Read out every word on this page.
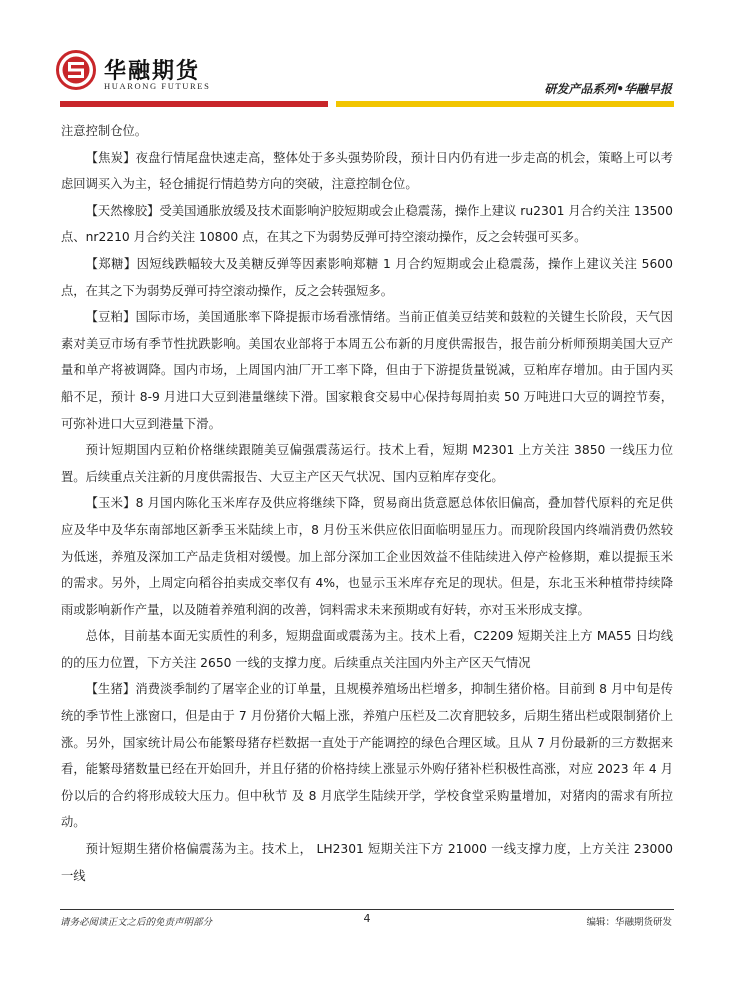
华融期货
HUARONG FUTURES	研发产品系列•华融早报

注意控制仓位。

【焦炭】夜盘行情尾盘快速走高，整体处于多头强势阶段，预计日内仍有进一步走高的机会，策略上可以考虑回调买入为主，轻仓捕捉行情趋势方向的突破，注意控制仓位。

【天然橡胶】受美国通胀放缓及技术面影响沪胶短期或会止稳震荡，操作上建议 ru2301 月合约关注 13500 点、nr2210 月合约关注 10800 点，在其之下为弱势反弹可持空滚动操作，反之会转强可买多。

【郑糖】因短线跌幅较大及美糖反弹等因素影响郑糖 1 月合约短期或会止稳震荡，操作上建议关注 5600 点，在其之下为弱势反弹可持空滚动操作，反之会转强短多。

【豆粕】国际市场，美国通胀率下降提振市场看涨情绪。当前正值美豆结荚和鼓粒的关键生长阶段，天气因素对美豆市场有季节性扰跌影响。美国农业部将于本周五公布新的月度供需报告，报告前分析师预期美国大豆产量和单产将被调降。国内市场，上周国内油厂开工率下降，但由于下游提货量锐减，豆粕库存增加。由于国内买船不足，预计 8-9 月进口大豆到港量继续下滑。国家粮食交易中心保持每周拍卖 50 万吨进口大豆的调控节奏，可弥补进口大豆到港量下滑。

预计短期国内豆粕价格继续跟随美豆偏强震荡运行。技术上看，短期 M2301 上方关注 3850 一线压力位置。后续重点关注新的月度供需报告、大豆主产区天气状况、国内豆粕库存变化。

【玉米】8 月国内陈化玉米库存及供应将继续下降，贸易商出货意愿总体依旧偏高，叠加替代原料的充足供应及华中及华东南部地区新季玉米陆续上市，8 月份玉米供应依旧面临明显压力。而现阶段国内终端消费仍然较为低迷，养殖及深加工产品走货相对缓慢。加上部分深加工企业因效益不佳陆续进入停产检修期，难以提振玉米的需求。另外，上周定向稻谷拍卖成交率仅有 4%，也显示玉米库存充足的现状。但是，东北玉米种植带持续降雨或影响新作产量，以及随着养殖利润的改善，饲料需求未来预期或有好转，亦对玉米形成支撑。

总体，目前基本面无实质性的利多，短期盘面或震荡为主。技术上看，C2209 短期关注上方 MA55 日均线的的压力位置，下方关注 2650 一线的支撑力度。后续重点关注国内外主产区天气情况

【生猪】消费淡季制约了屠宰企业的订单量，且规模养殖场出栏增多，抑制生猪价格。目前到 8 月中旬是传统的季节性上涨窗口，但是由于 7 月份猪价大幅上涨，养殖户压栏及二次育肥较多，后期生猪出栏或限制猪价上涨。另外，国家统计局公布能繁母猪存栏数据一直处于产能调控的绿色合理区域。且从 7 月份最新的三方数据来看，能繁母猪数量已经在开始回升，并且仔猪的价格持续上涨显示外购仔猪补栏积极性高涨，对应 2023 年 4 月份以后的合约将形成较大压力。但中秋节 及 8 月底学生陆续开学，学校食堂采购量增加，对猪肉的需求有所拉动。

预计短期生猪价格偏震荡为主。技术上， LH2301 短期关注下方 21000 一线支撑力度，上方关注 23000 一线

请务必阅读正文之后的免责声明部分	4	编辑：华融期货研发
